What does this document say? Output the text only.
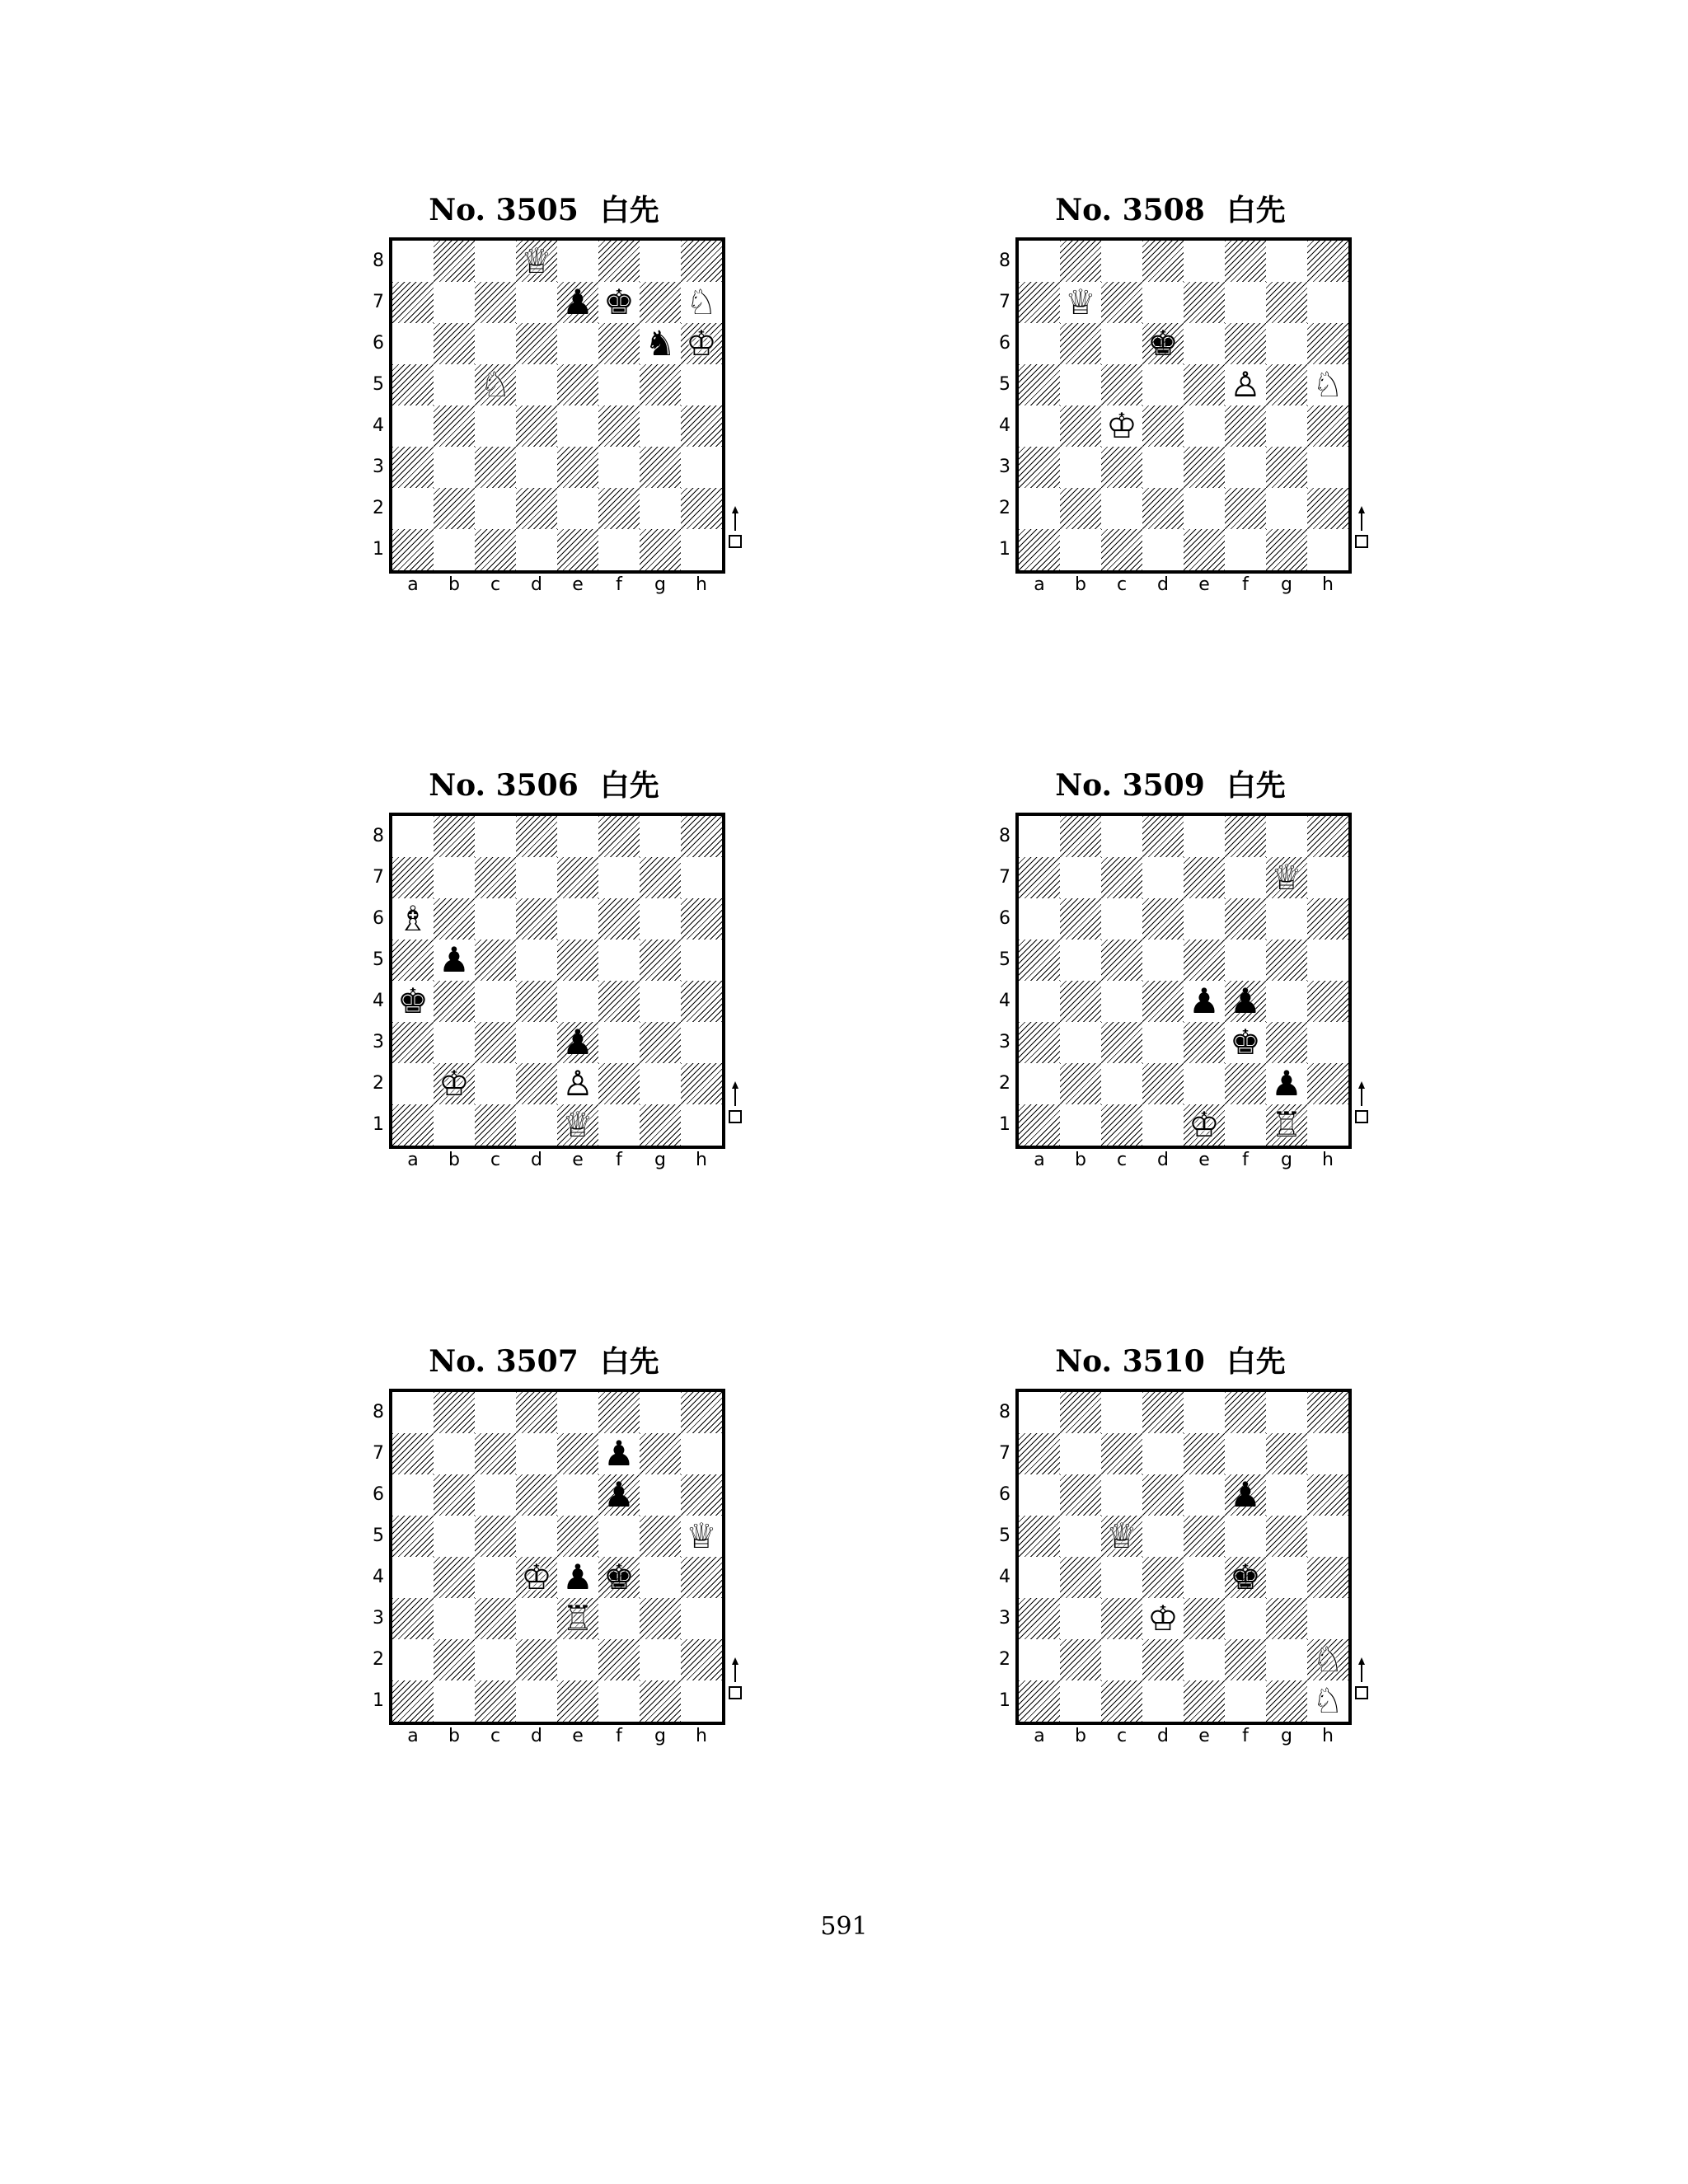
No. 3505 白先
♕
♟ ♚ ♘
♞ ♔
♘
8
7
6
5
4
3
2
1
a	b	c	d	e	f	g	h
No. 3508 白先
♕
♚
♙ ♘
♔
8
7
6
5
4
3
2
1
a	b	c	d	e	f	g	h
No. 3506 白先
♗
♟
♚
♟
♔	♙
♕
8
7
6
5
4
3
2
1
a	b	c	d	e	f	g	h
No. 3509 白先
♕
♟ ♟
♚
♟
♔ ♖
8
7
6
5
4
3
2
1
a	b	c	d	e	f	g	h
No. 3507 白先
♟
♟
♕
♔ ♟ ♚
♖
8
7
6
5
4
3
2
1
a	b	c	d	e	f	g	h
No. 3510 白先
♟
♕
♚
♔
♘
♘
8
7
6
5
4
3
2
1
a	b	c	d	e	f	g	h
591
